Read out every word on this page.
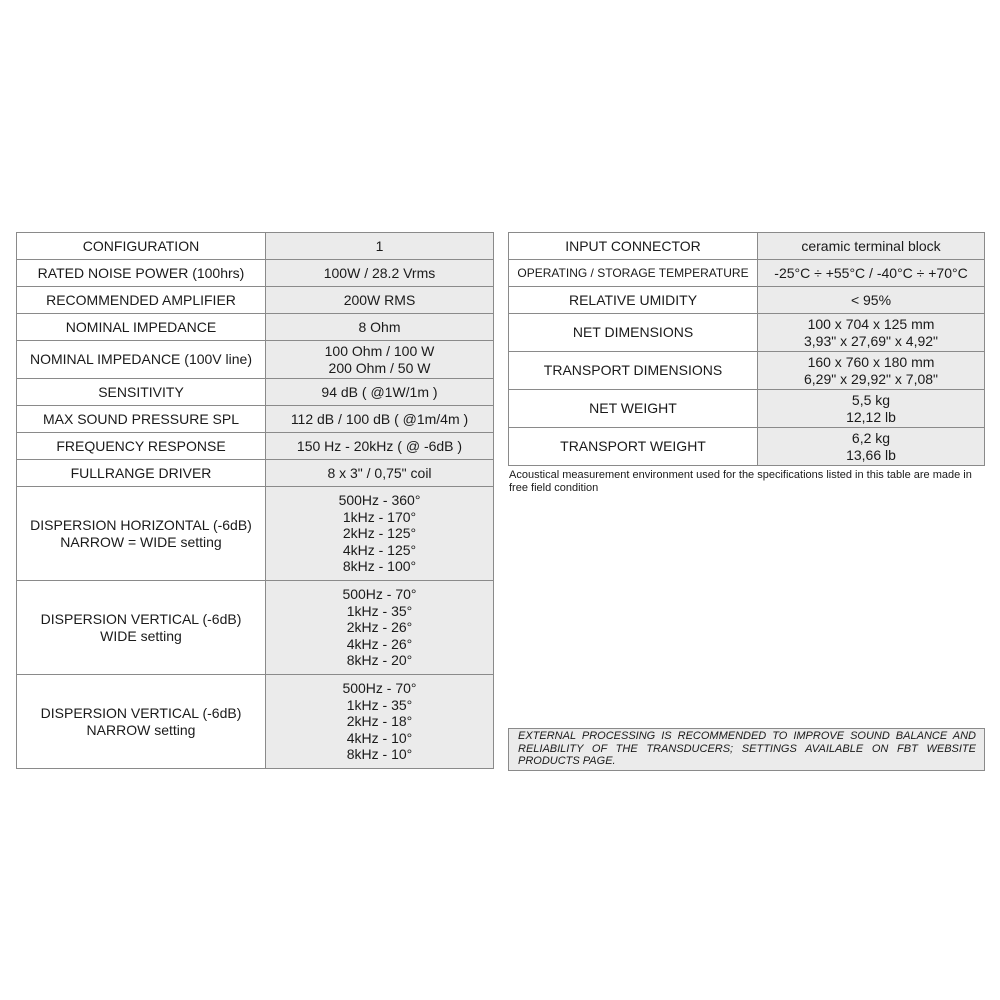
CONFIGURATION	1
RATED NOISE POWER (100hrs)	100W / 28.2 Vrms
RECOMMENDED AMPLIFIER	200W RMS
NOMINAL IMPEDANCE	8 Ohm
NOMINAL IMPEDANCE (100V line)	100 Ohm / 100 W
200 Ohm / 50 W
SENSITIVITY	94 dB ( @1W/1m )
MAX SOUND PRESSURE SPL	112 dB / 100 dB ( @1m/4m )
FREQUENCY RESPONSE	150 Hz - 20kHz ( @ -6dB )
FULLRANGE DRIVER	8 x 3" / 0,75" coil
DISPERSION HORIZONTAL (-6dB)
NARROW = WIDE setting	500Hz - 360°
1kHz - 170°
2kHz - 125°
4kHz - 125°
8kHz - 100°
DISPERSION VERTICAL (-6dB)
WIDE setting	500Hz - 70°
1kHz - 35°
2kHz - 26°
4kHz - 26°
8kHz - 20°
DISPERSION VERTICAL (-6dB)
NARROW setting	500Hz - 70°
1kHz - 35°
2kHz - 18°
4kHz - 10°
8kHz - 10°
INPUT CONNECTOR	ceramic terminal block
OPERATING / STORAGE TEMPERATURE	-25°C ÷ +55°C / -40°C ÷ +70°C
RELATIVE UMIDITY	< 95%
NET DIMENSIONS	100 x 704 x 125 mm
3,93" x 27,69" x 4,92"
TRANSPORT DIMENSIONS	160 x 760 x 180 mm
6,29" x 29,92" x 7,08"
NET WEIGHT	5,5 kg
12,12 lb
TRANSPORT WEIGHT	6,2 kg
13,66 lb
Acoustical measurement environment used for the specifications listed in this table are made in free field condition
EXTERNAL PROCESSING IS RECOMMENDED TO IMPROVE SOUND BALANCE AND RELIABILITY OF THE TRANSDUCERS; SETTINGS AVAILABLE ON FBT WEBSITE PRODUCTS PAGE.
